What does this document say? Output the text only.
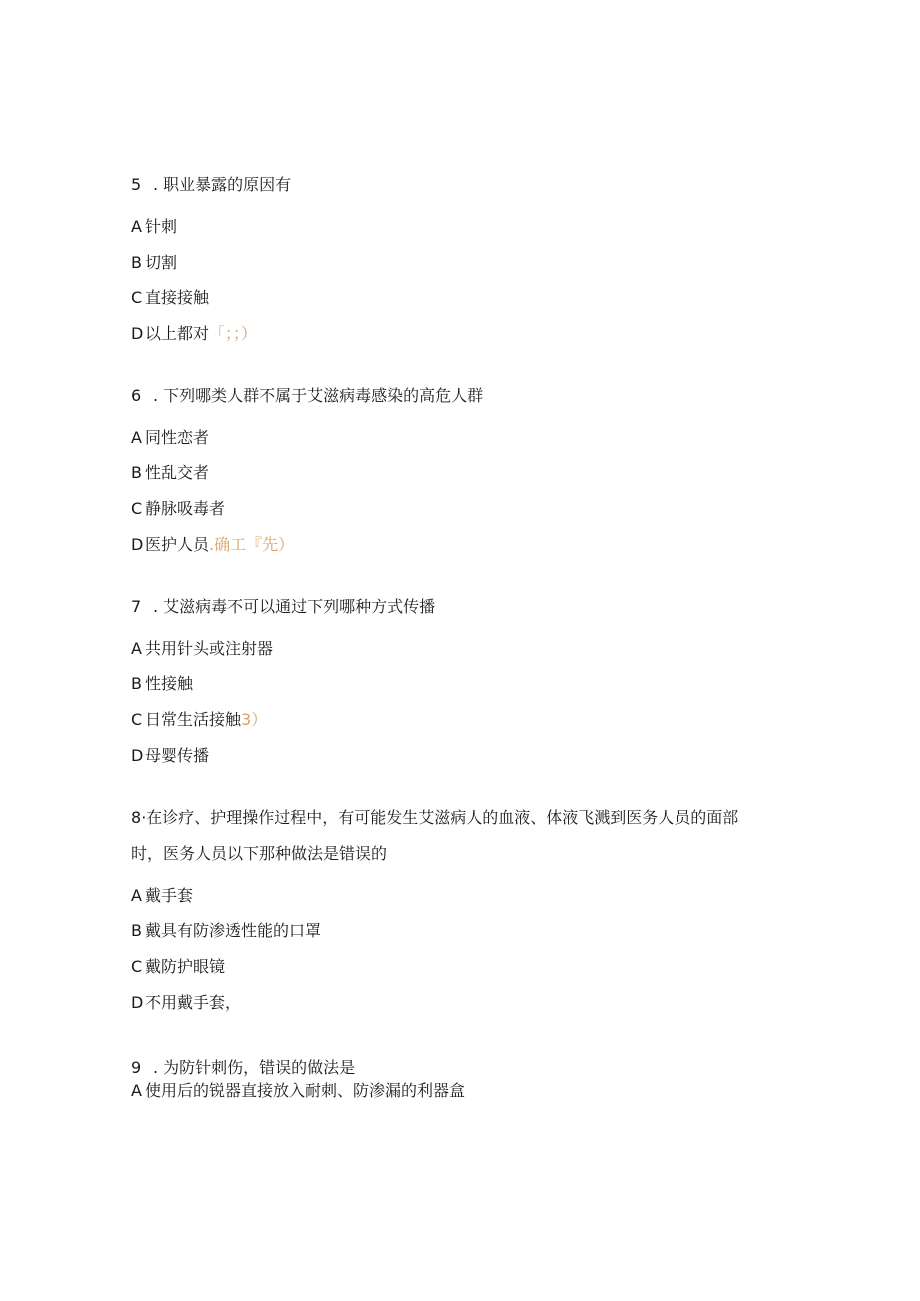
5 . 职业暴露的原因有
A 针刺
B 切割
C 直接接触
D 以上都对「；；）
6 . 下列哪类人群不属于艾滋病毒感染的高危人群
A 同性恋者
B 性乱交者
C 静脉吸毒者
D 医护人员.确工『先）
7 . 艾滋病毒不可以通过下列哪种方式传播
A 共用针头或注射器
B 性接触
C 日常生活接触3）
D 母婴传播
8·在诊疗、护理操作过程中，有可能发生艾滋病人的血液、体液飞溅到医务人员的面部
时，医务人员以下那种做法是错误的
A 戴手套
B 戴具有防渗透性能的口罩
C 戴防护眼镜
D 不用戴手套，
9 . 为防针刺伤，错误的做法是
A 使用后的锐器直接放入耐刺、防渗漏的利器盒
